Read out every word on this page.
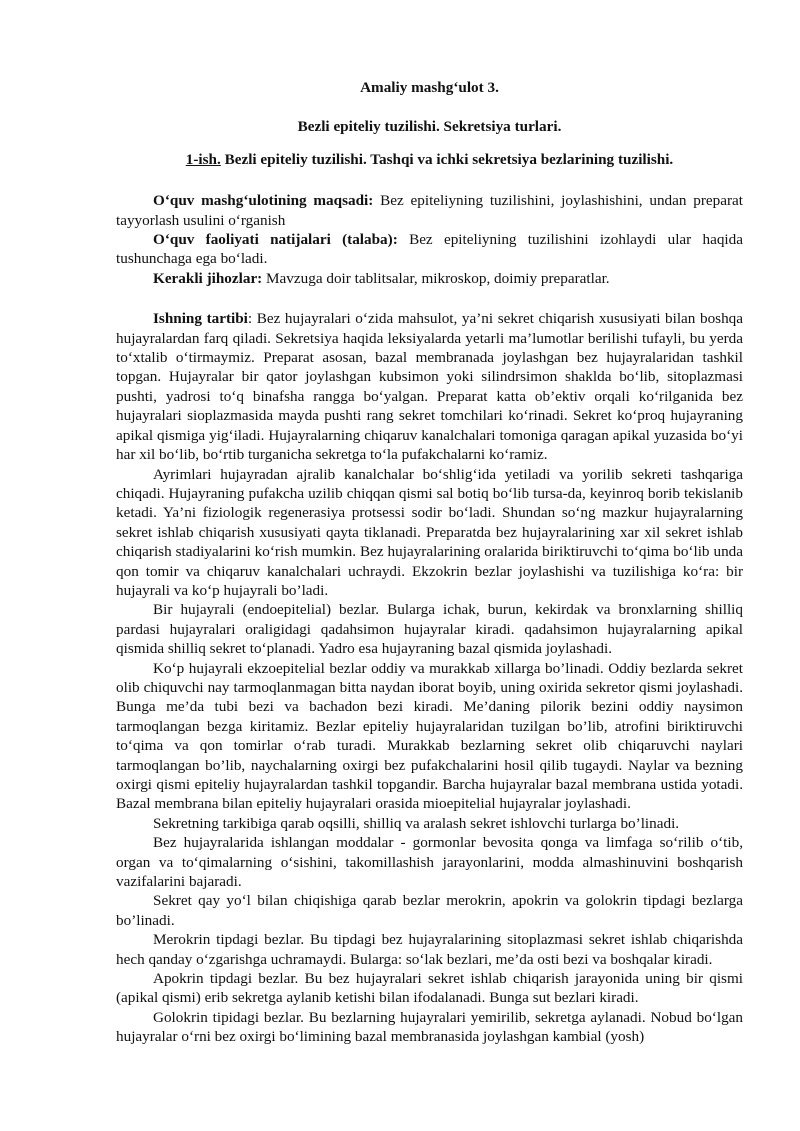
Amaliy mashg‘ulot 3.
Bezli epiteliy tuzilishi. Sekretsiya turlari.
1-ish. Bezli epiteliy tuzilishi. Tashqi va ichki sekretsiya bezlarining tuzilishi.

O‘quv mashg‘ulotining maqsadi: Bez epiteliyning tuzilishini, joylashishini, undan preparat tayyorlash usulini o‘rganish

O‘quv faoliyati natijalari (talaba): Bez epiteliyning tuzilishini izohlaydi ular haqida tushunchaga ega bo‘ladi.

Kerakli jihozlar: Mavzuga doir tablitsalar, mikroskop, doimiy preparatlar.

Ishning tartibi: Bez hujayralari o‘zida mahsulot, ya’ni sekret chiqarish xususiyati bilan boshqa hujayralardan farq qiladi. Sekretsiya haqida leksiyalarda yetarli ma’lumotlar berilishi tufayli, bu yerda to‘xtalib o‘tirmaymiz. Preparat asosan, bazal membranada joylashgan bez hujayralaridan tashkil topgan. Hujayralar bir qator joylashgan kubsimon yoki silindrsimon shaklda bo‘lib, sitoplazmasi pushti, yadrosi to‘q binafsha rangga bo‘yalgan. Preparat katta ob’ektiv orqali ko‘rilganida bez hujayralari sioplazmasida mayda pushti rang sekret tomchilari ko‘rinadi. Sekret ko‘proq hujayraning apikal qismiga yig‘iladi. Hujayralarning chiqaruv kanalchalari tomoniga qaragan apikal yuzasida bo‘yi har xil bo‘lib, bo‘rtib turganicha sekretga to‘la pufakchalarni ko‘ramiz.

Ayrimlari hujayradan ajralib kanalchalar bo‘shlig‘ida yetiladi va yorilib sekreti tashqariga chiqadi. Hujayraning pufakcha uzilib chiqqan qismi sal botiq bo‘lib tursa-da, keyinroq borib tekislanib ketadi. Ya’ni fiziologik regenerasiya protsessi sodir bo‘ladi. Shundan so‘ng mazkur hujayralarning sekret ishlab chiqarish xususiyati qayta tiklanadi. Preparatda bez hujayralarining xar xil sekret ishlab chiqarish stadiyalarini ko‘rish mumkin. Bez hujayralarining oralarida biriktiruvchi to‘qima bo‘lib unda qon tomir va chiqaruv kanalchalari uchraydi. Ekzokrin bezlar joylashishi va tuzilishiga ko‘ra: bir hujayrali va ko‘p hujayrali bo’ladi.

Bir hujayrali (endoepitelial) bezlar. Bularga ichak, burun, kekirdak va bronxlarning shilliq pardasi hujayralari oraligidagi qadahsimon hujayralar kiradi. qadahsimon hujayralarning apikal qismida shilliq sekret to‘planadi. Yadro esa hujayraning bazal qismida joylashadi.

Ko‘p hujayrali ekzoepitelial bezlar oddiy va murakkab xillarga bo’linadi. Oddiy bezlarda sekret olib chiquvchi nay tarmoqlanmagan bitta naydan iborat boyib, uning oxirida sekretor qismi joylashadi. Bunga me’da tubi bezi va bachadon bezi kiradi. Me’daning pilorik bezini oddiy naysimon tarmoqlangan bezga kiritamiz. Bezlar epiteliy hujayralaridan tuzilgan bo’lib, atrofini biriktiruvchi to‘qima va qon tomirlar o‘rab turadi. Murakkab bezlarning sekret olib chiqaruvchi naylari tarmoqlangan bo’lib, naychalarning oxirgi bez pufakchalarini hosil qilib tugaydi. Naylar va bezning oxirgi qismi epiteliy hujayralardan tashkil topgandir. Barcha hujayralar bazal membrana ustida yotadi. Bazal membrana bilan epiteliy hujayralari orasida mioepitelial hujayralar joylashadi.

Sekretning tarkibiga qarab oqsilli, shilliq va aralash sekret ishlovchi turlarga bo’linadi.

Bez hujayralarida ishlangan moddalar - gormonlar bevosita qonga va limfaga so‘rilib o‘tib, organ va to‘qimalarning o‘sishini, takomillashish jarayonlarini, modda almashinuvini boshqarish vazifalarini bajaradi.

Sekret qay yo‘l bilan chiqishiga qarab bezlar merokrin, apokrin va golokrin tipdagi bezlarga bo’linadi.

Merokrin tipdagi bezlar. Bu tipdagi bez hujayralarining sitoplazmasi sekret ishlab chiqarishda hech qanday o‘zgarishga uchramaydi. Bularga: so‘lak bezlari, me’da osti bezi va boshqalar kiradi.

Apokrin tipdagi bezlar. Bu bez hujayralari sekret ishlab chiqarish jarayonida uning bir qismi (apikal qismi) erib sekretga aylanib ketishi bilan ifodalanadi. Bunga sut bezlari kiradi.

Golokrin tipidagi bezlar. Bu bezlarning hujayralari yemirilib, sekretga aylanadi. Nobud bo‘lgan hujayralar o‘rni bez oxirgi bo‘limining bazal membranasida joylashgan kambial (yosh)
